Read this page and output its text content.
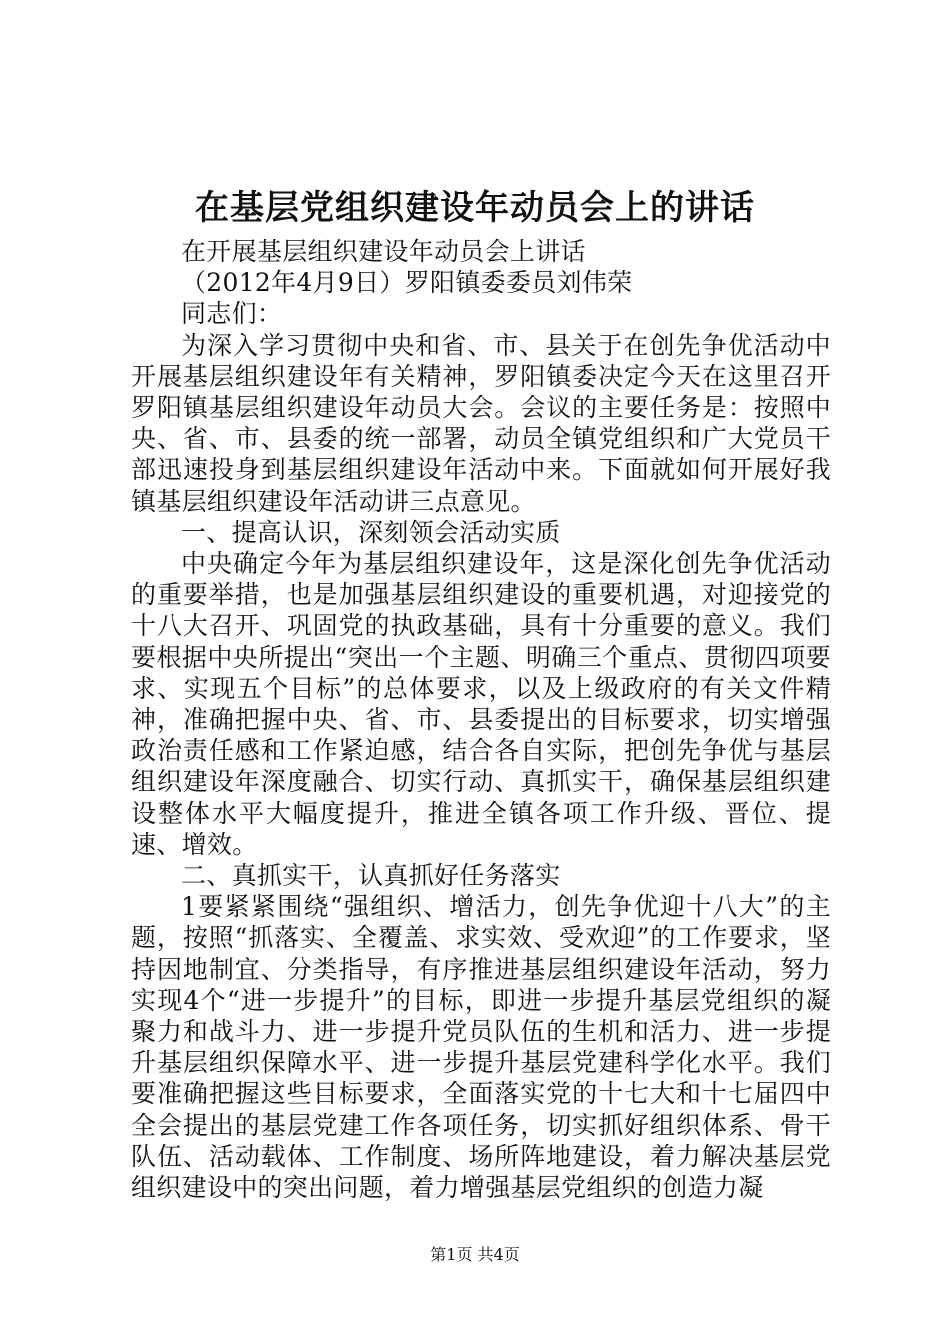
在基层党组织建设年动员会上的讲话

在开展基层组织建设年动员会上讲话

（2012年4月9日）罗阳镇委委员刘伟荣

同志们：

为深入学习贯彻中央和省、市、县关于在创先争优活动中开展基层组织建设年有关精神，罗阳镇委决定今天在这里召开罗阳镇基层组织建设年动员大会。会议的主要任务是：按照中央、省、市、县委的统一部署，动员全镇党组织和广大党员干部迅速投身到基层组织建设年活动中来。下面就如何开展好我镇基层组织建设年活动讲三点意见。

一、提高认识，深刻领会活动实质

中央确定今年为基层组织建设年，这是深化创先争优活动的重要举措，也是加强基层组织建设的重要机遇，对迎接党的十八大召开、巩固党的执政基础，具有十分重要的意义。我们要根据中央所提出“突出一个主题、明确三个重点、贯彻四项要求、实现五个目标”的总体要求，以及上级政府的有关文件精神，准确把握中央、省、市、县委提出的目标要求，切实增强政治责任感和工作紧迫感，结合各自实际，把创先争优与基层组织建设年深度融合、切实行动、真抓实干，确保基层组织建设整体水平大幅度提升，推进全镇各项工作升级、晋位、提速、增效。

二、真抓实干，认真抓好任务落实

1要紧紧围绕“强组织、增活力，创先争优迎十八大”的主题，按照“抓落实、全覆盖、求实效、受欢迎”的工作要求，坚持因地制宜、分类指导，有序推进基层组织建设年活动，努力实现4个“进一步提升”的目标，即进一步提升基层党组织的凝聚力和战斗力、进一步提升党员队伍的生机和活力、进一步提升基层组织保障水平、进一步提升基层党建科学化水平。我们要准确把握这些目标要求，全面落实党的十七大和十七届四中全会提出的基层党建工作各项任务，切实抓好组织体系、骨干队伍、活动载体、工作制度、场所阵地建设，着力解决基层党组织建设中的突出问题，着力增强基层党组织的创造力凝

第1页 共4页
